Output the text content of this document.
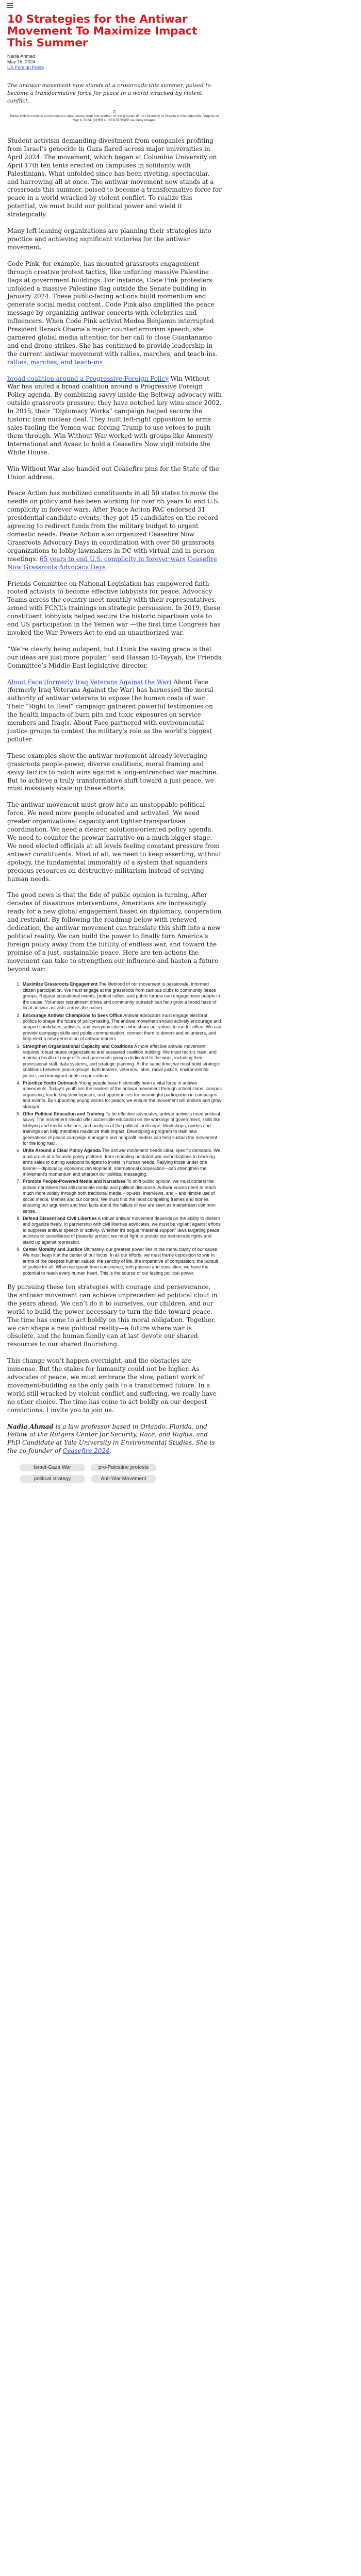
10 Strategies for the Antiwar Movement To Maximize Impact This Summer
Nadia Ahmad
May 16, 2024
US Foreign Policy

The antiwar movement now stands at a crossroads this summer, poised to become a transformative force for peace in a world wracked by violent conflict.

Police with riot shields and protesters stand across from one another on the grounds of the University of Virginia in Charlottesville, Virginia on May 4, 2024. (CHERYL SENTER/AFP via Getty Images)

Student activism demanding divestment from companies profiting from Israel’s genocide in Gaza flared across major universities in April 2024. The movement, which began at Columbia University on April 17th ten tents erected on campuses in solidarity with Palestinians. What unfolded since has been riveting, spectacular, and harrowing all at once. The antiwar movement now stands at a crossroads this summer, poised to become a transformative force for peace in a world wracked by violent conflict. To realize this potential, we must build our political power and wield it strategically.

Many left-leaning organizations are planning their strategies into practice and achieving significant victories for the antiwar movement.

Code Pink, for example, has mounted grassroots engagement through creative protest tactics, like unfurling massive Palestine flags at government buildings. For instance, Code Pink protesters unfolded a massive Palestine flag outside the Senate building in January 2024. These public-facing actions build momentum and generate social media content. Code Pink also amplified the peace message by organizing antiwar concerts with celebrities and influencers. When Code Pink activist Medea Benjamin interrupted President Barack Obama’s major counterterrorism speech, she garnered global media attention for her call to close Guantanamo and end drone strikes. She has continued to provide leadership in the current antiwar movement with rallies, marches, and teach-ins. rallies, marches, and teach-ins

broad coalition around a Progressive Foreign Policy Win Without War has united a broad coalition around a Progressive Foreign Policy agenda. By combining savvy inside-the-Beltway advocacy with outside grassroots pressure, they have notched key wins since 2002. In 2015, their “Diplomacy Works” campaign helped secure the historic Iran nuclear deal. They built left-right opposition to arms sales fueling the Yemen war, forcing Trump to use vetoes to push them through. Win Without War worked with groups like Amnesty International and Avaaz to hold a Ceasefire Now vigil outside the White House.

Win Without War also handed out Ceasefire pins for the State of the Union address.

Peace Action has mobilized constituents in all 50 states to move the needle on policy and has been working for over 65 years to end U.S. complicity in forever wars. After Peace Action PAC endorsed 31 presidential candidate events, they got 15 candidates on the record agreeing to redirect funds from the military budget to urgent domestic needs. Peace Action also organized Ceasefire Now Grassroots Advocacy Days in coordination with over 50 grassroots organizations to lobby lawmakers in DC with virtual and in-person meetings. 65 years to end U.S. complicity in forever wars Ceasefire Now Grassroots Advocacy Days

Friends Committee on National Legislation has empowered faith-rooted activists to become effective lobbyists for peace. Advocacy Teams across the country meet monthly with their representatives, armed with FCNL’s trainings on strategic persuasion. In 2019, these constituent lobbyists helped secure the historic bipartisan vote to end US participation in the Yemen war —the first time Congress has invoked the War Powers Act to end an unauthorized war.

“We’re clearly being outspent, but I think the saving grace is that our ideas are just more popular,” said Hassan El-Tayyab, the Friends Committee’s Middle East legislative director.

About Face (formerly Iraq Veterans Against the War) About Face (formerly Iraq Veterans Against the War) has harnessed the moral authority of antiwar veterans to expose the human costs of war. Their “Right to Heal” campaign gathered powerful testimonies on the health impacts of burn pits and toxic exposures on service members and Iraqis. About Face partnered with environmental justice groups to contest the military’s role as the world’s biggest polluter.

These examples show the antiwar movement already leveraging grassroots people-power, diverse coalitions, moral framing and savvy tactics to notch wins against a long-entrenched war machine. But to achieve a truly transformative shift toward a just peace, we must massively scale up these efforts.

The antiwar movement must grow into an unstoppable political force. We need more people educated and activated. We need greater organizational capacity and tighter transpartisan coordination. We need a clearer, solutions-oriented policy agenda. We need to counter the prowar narrative on a much bigger stage. We need elected officials at all levels feeling constant pressure from antiwar constituents. Most of all, we need to keep asserting, without apology, the fundamental immorality of a system that squanders precious resources on destructive militarism instead of serving human needs.

The good news is that the tide of public opinion is turning. After decades of disastrous interventions, Americans are increasingly ready for a new global engagement based on diplomacy, cooperation and restraint. By following the roadmap below with renewed dedication, the antiwar movement can translate this shift into a new political reality. We can build the power to finally turn America’s foreign policy away from the futility of endless war, and toward the promise of a just, sustainable peace. Here are ten actions the movement can take to strengthen our influence and hasten a future beyond war:

1. Maximize Grassroots Engagement The lifeblood of our movement is passionate, informed citizen participation. We must engage at the grassroots from campus clubs to community peace groups. Regular educational events, protest rallies, and public forums can engage more people in the cause. Volunteer recruitment drives and community outreach can help grow a broad base of local antiwar activists across the nation.
2. Encourage Antiwar Champions to Seek Office Antiwar advocates must engage electoral politics to shape the future of policymaking. The antiwar movement should actively encourage and support candidates, activists, and everyday citizens who share our values to run for office. We can provide campaign skills and public communication, connect them to donors and volunteers, and help elect a new generation of antiwar leaders.
3. Strengthen Organizational Capacity and Coalitions A more effective antiwar movement requires robust peace organizations and sustained coalition building. We must recruit, train, and maintain health of nonprofits and grassroots groups dedicated to the work, including their professional staff, data systems, and strategic planning. At the same time, we must build strategic coalitions between peace groups, faith leaders, veterans, labor, racial justice, environmental justice, and immigrant rights organizations.
4. Prioritize Youth Outreach Young people have historically been a vital force in antiwar movements. Today’s youth are the leaders of the antiwar movement through school clubs, campus organizing, leadership development, and opportunities for meaningful participation in campaigns and events. By supporting young voices for peace, we ensure the movement will endure and grow stronger.
5. Offer Political Education and Training To be effective advocates, antiwar activists need political savvy. The movement should offer accessible education on the workings of government, skills like lobbying and media relations, and analysis of the political landscape. Workshops, guides and trainings can help members maximize their impact. Developing a program to train new generations of peace campaign managers and nonprofit leaders can help sustain the movement for the long haul.
6. Unite Around a Clear Policy Agenda The antiwar movement needs clear, specific demands. We must arrive at a focused policy platform, from repealing outdated war authorizations to blocking arms sales to cutting weapons budgets to invest in human needs. Rallying those under one banner—diplomacy, economic development, international cooperation—can strengthen the movement’s momentum and sharpen our political messaging.
7. Promote People-Powered Media and Narratives To shift public opinion, we must contest the prowar narratives that still dominate media and political discourse. Antiwar voices need to reach much more widely through both traditional media – op-eds, interviews, and – and nimble use of social media. Memes and cut content. We must find the most compelling frames and stories, ensuring our argument and best facts about the failure of war are seen as mainstream common sense.
8. Defend Dissent and Civil Liberties A robust antiwar movement depends on the ability to dissent and organize freely. In partnership with civil liberties advocates, we must be vigilant against efforts to suppress antiwar speech or activity. Whether it’s bogus “material support” laws targeting peace activists or surveillance of peaceful protest, we must fight to protect our democratic rights and stand up against repression.
9. Center Morality and Justice Ultimately, our greatest power lies in the moral clarity of our cause. We must keep it at the center of our focus. In all our efforts, we must frame opposition to war in terms of the deepest human values: the sanctity of life, the imperative of compassion, the pursuit of justice for all. When we speak from conscience, with passion and conviction, we have the potential to reach every human heart. This is the source of our lasting political power.

By pursuing these ten strategies with courage and perseverance, the antiwar movement can achieve unprecedented political clout in the years ahead. We can’t do it to ourselves, our children, and our world to build the power necessary to turn the tide toward peace. The time has come to act boldly on this moral obligation. Together, we can shape a new political reality—a future where war is obsolete, and the human family can at last devote our shared resources to our shared flourishing.

This change won’t happen overnight, and the obstacles are immense. But the stakes for humanity could not be higher. As advocates of peace, we must embrace the slow, patient work of movement-building as the only path to a transformed future. In a world still wracked by violent conflict and suffering, we really have no other choice. The time has come to act boldly on our deepest convictions. I invite you to join us.

Nadia Ahmad is a law professor based in Orlando, Florida, and Fellow at the Rutgers Center for Security, Race, and Rights, and PhD Candidate at Yale University in Environmental Studies. She is the co-founder of Ceasefire 2024.

Israel-Gaza War	pro-Palestine protests
political strategy	Anti-War Movement
